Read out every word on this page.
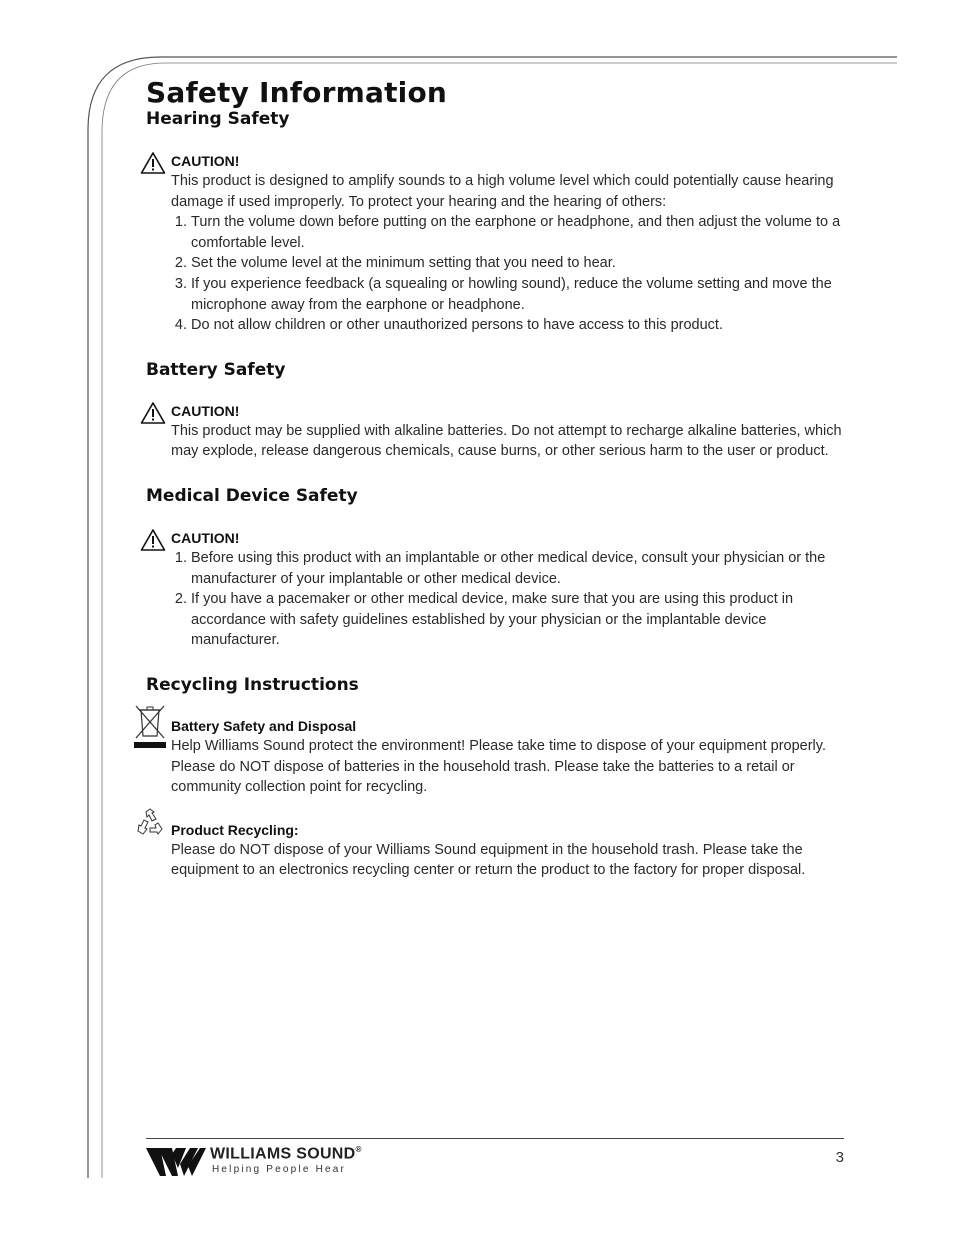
Safety Information
Hearing Safety
CAUTION!
This product is designed to amplify sounds to a high volume level which could potentially cause hearing damage if used improperly. To protect your hearing and the hearing of others:
1. Turn the volume down before putting on the earphone or headphone, and then adjust the volume to a comfortable level.
2. Set the volume level at the minimum setting that you need to hear.
3. If you experience feedback (a squealing or howling sound), reduce the volume setting and move the microphone away from the earphone or headphone.
4. Do not allow children or other unauthorized persons to have access to this product.
Battery Safety
CAUTION!
This product may be supplied with alkaline batteries. Do not attempt to recharge alkaline batteries, which may explode, release dangerous chemicals, cause burns, or other serious harm to the user or product.
Medical Device Safety
CAUTION!
1. Before using this product with an implantable or other medical device, consult your physician or the manufacturer of your implantable or other medical device.
2. If you have a pacemaker or other medical device, make sure that you are using this product in accordance with safety guidelines established by your physician or the implantable device manufacturer.
Recycling Instructions
Battery Safety and Disposal
Help Williams Sound protect the environment! Please take time to dispose of your equipment properly. Please do NOT dispose of batteries in the household trash. Please take the batteries to a retail or community collection point for recycling.
Product Recycling:
Please do NOT dispose of your Williams Sound equipment in the household trash. Please take the equipment to an electronics recycling center or return the product to the factory for proper disposal.
WILLIAMS SOUND®
Helping People Hear
3
